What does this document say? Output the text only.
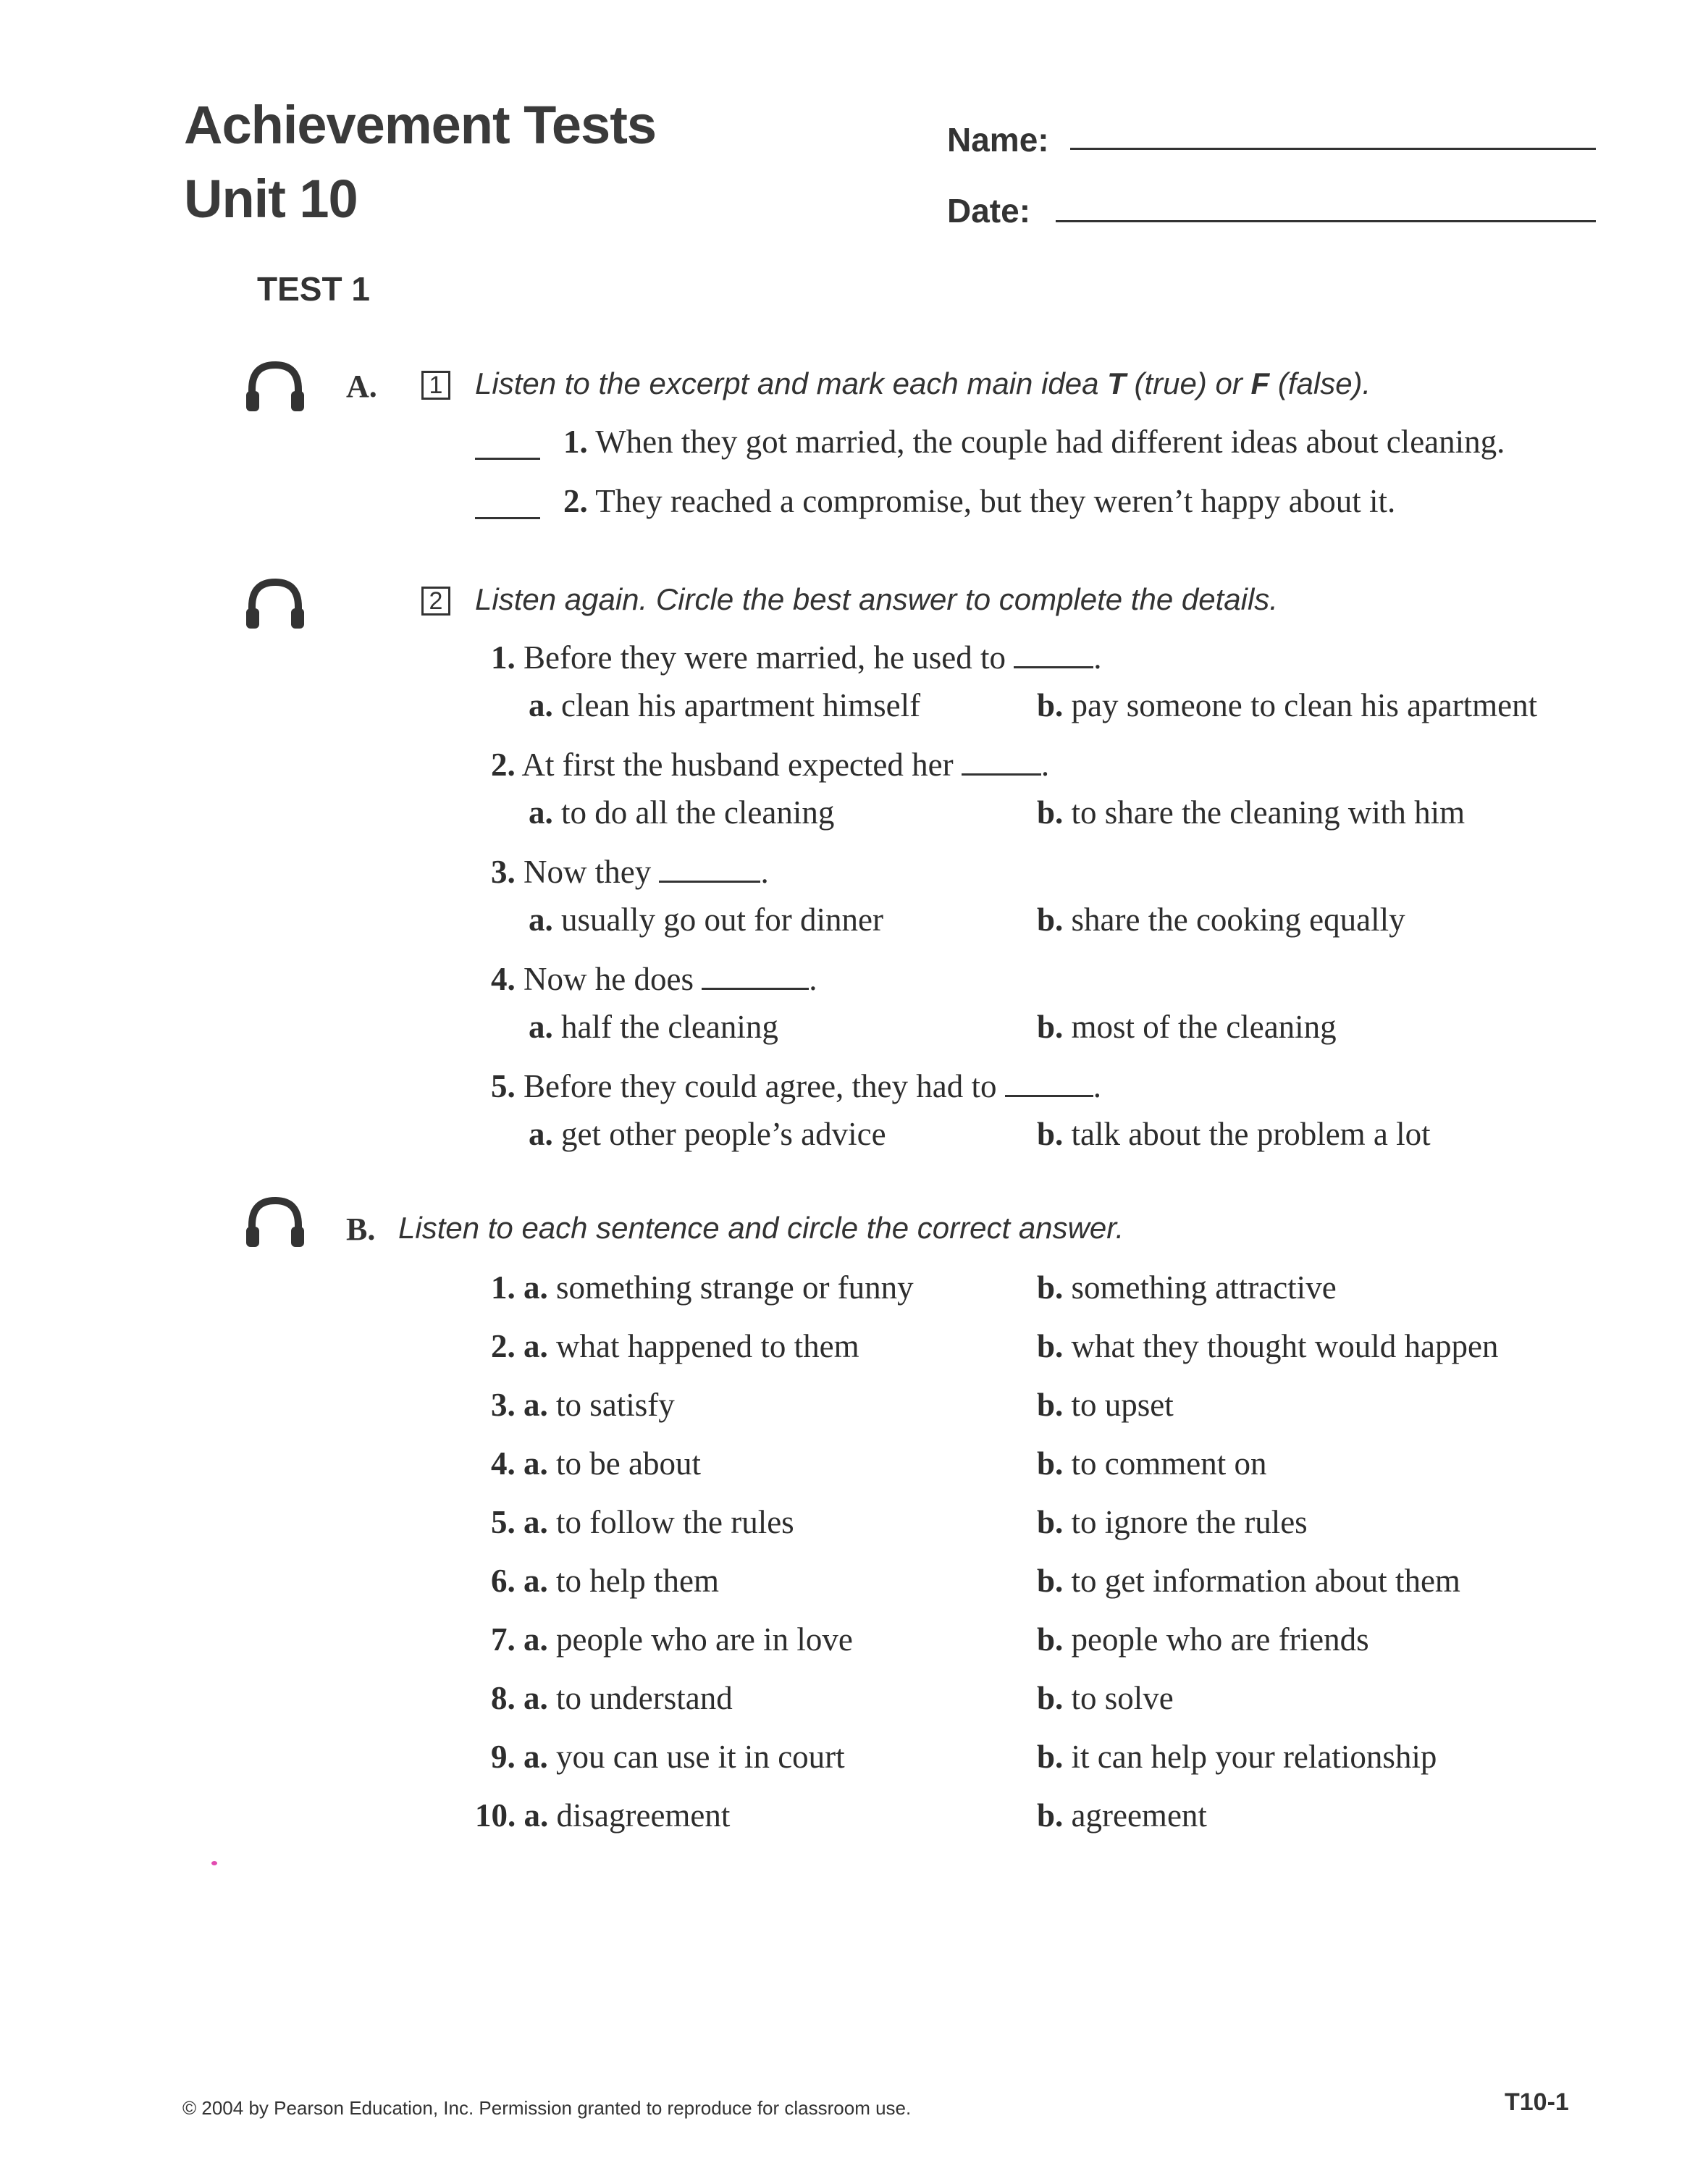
Achievement Tests
Unit 10
Name:
Date:
TEST 1
A.	1 Listen to the excerpt and mark each main idea T (true) or F (false).
1. When they got married, the couple had different ideas about cleaning.
2. They reached a compromise, but they weren’t happy about it.
2 Listen again. Circle the best answer to complete the details.
1. Before they were married, he used to	.
a. clean his apartment himself	b. pay someone to clean his apartment
2. At first the husband expected her	.
a. to do all the cleaning	b. to share the cleaning with him
3. Now they	.
a. usually go out for dinner	b. share the cooking equally
4. Now he does	.
a. half the cleaning	b. most of the cleaning
5. Before they could agree, they had to	.
a. get other people’s advice	b. talk about the problem a lot
B. Listen to each sentence and circle the correct answer.
1. a. something strange or funny	b. something attractive
2. a. what happened to them	b. what they thought would happen
3. a. to satisfy	b. to upset
4. a. to be about	b. to comment on
5. a. to follow the rules	b. to ignore the rules
6. a. to help them	b. to get information about them
7. a. people who are in love	b. people who are friends
8. a. to understand	b. to solve
9. a. you can use it in court	b. it can help your relationship
10. a. disagreement	b. agreement
© 2004 by Pearson Education, Inc. Permission granted to reproduce for classroom use.	T10-1
